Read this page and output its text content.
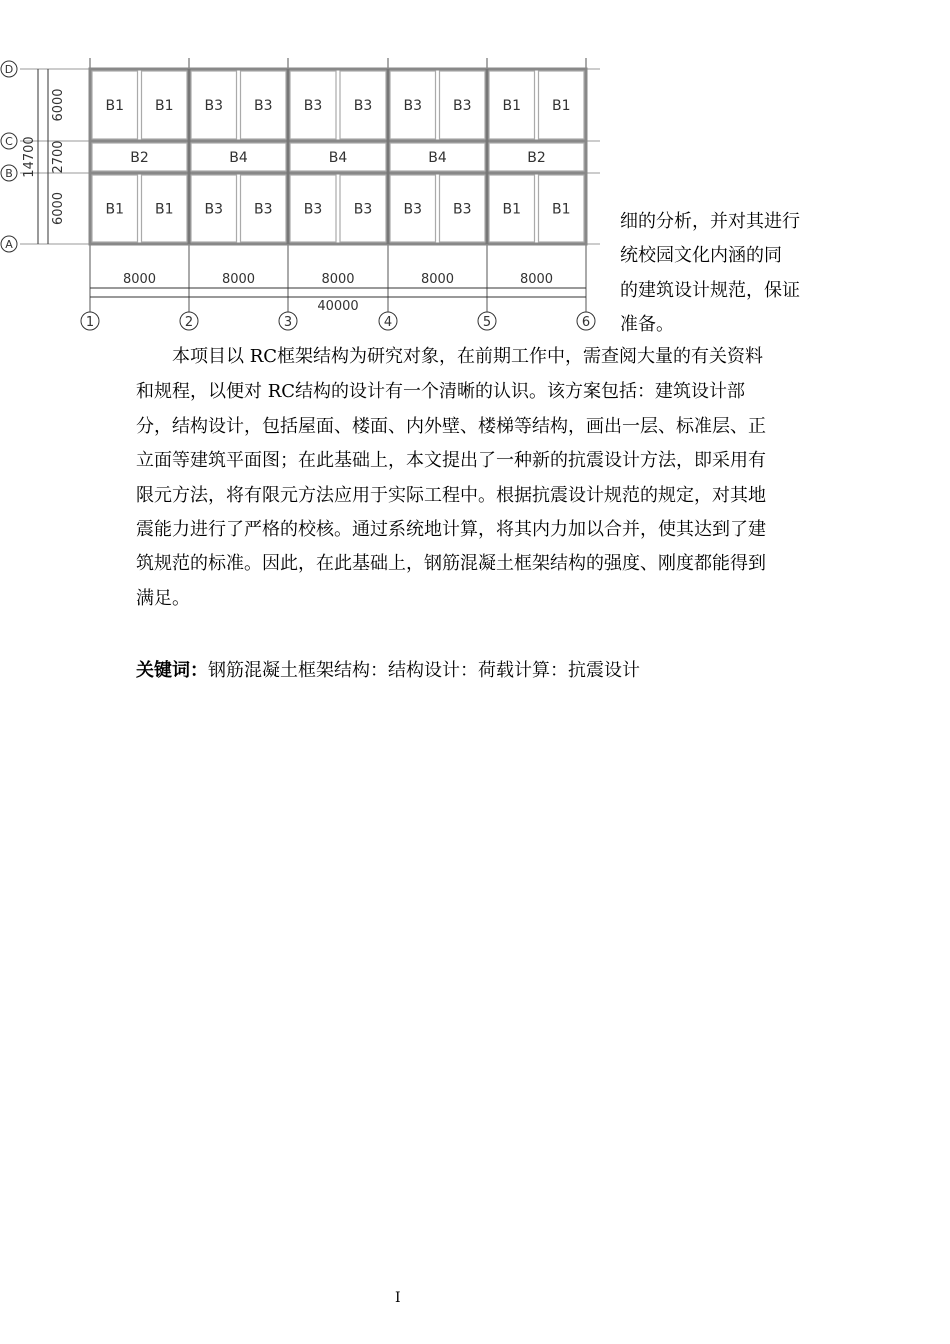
B1
B1
B1
B1
B2
B3
B3
B3
B3
B4
B3
B3
B3
B3
B4
B3
B3
B3
B3
B4
B1
B1
B1
B1
B2
8000	8000	8000	8000	8000
40000
1	2	3	4	5	6
6000
2700
6000
14700
D
C
B
A
细的分析，并对其进行
统校园文化内涵的同
的建筑设计规范，保证
准备。
本项目以 RC框架结构为研究对象，在前期工作中，需查阅大量的有关资料
和规程，以便对 RC结构的设计有一个清晰的认识。该方案包括：建筑设计部
分，结构设计，包括屋面、楼面、内外壁、楼梯等结构，画出一层、标准层、正
立面等建筑平面图；在此基础上，本文提出了一种新的抗震设计方法，即采用有
限元方法，将有限元方法应用于实际工程中。根据抗震设计规范的规定，对其地
震能力进行了严格的校核。通过系统地计算，将其内力加以合并，使其达到了建
筑规范的标准。因此，在此基础上，钢筋混凝土框架结构的强度、刚度都能得到
满足。
关键词：钢筋混凝土框架结构：结构设计：荷载计算：抗震设计
I
